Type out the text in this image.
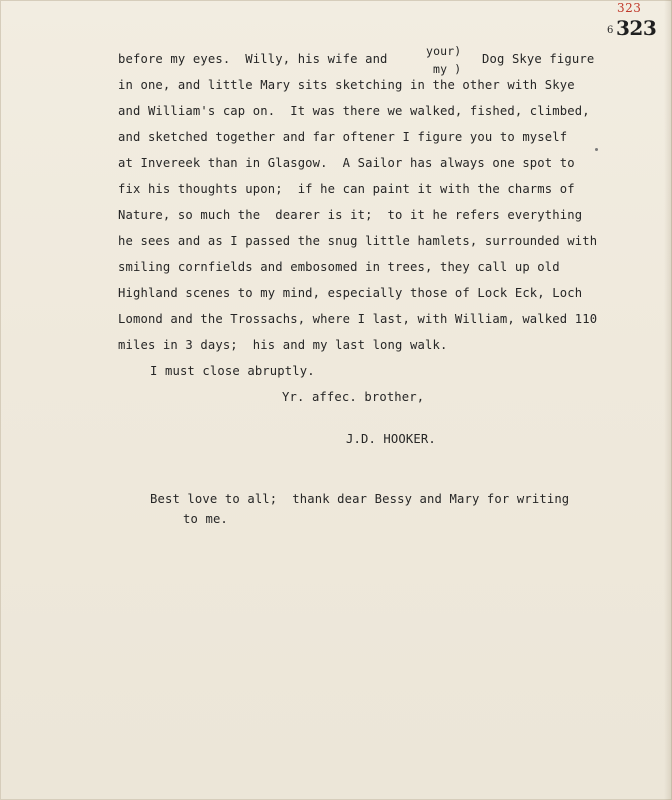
323
6 323
before my eyes.  Willy, his wife and
your)
Dog Skye figure
my )
in one, and little Mary sits sketching in the other with Skye
and William's cap on.  It was there we walked, fished, climbed,
and sketched together and far oftener I figure you to myself
at Invereek than in Glasgow.  A Sailor has always one spot to
fix his thoughts upon;  if he can paint it with the charms of
Nature, so much the  dearer is it;  to it he refers everything
he sees and as I passed the snug little hamlets, surrounded with
smiling cornfields and embosomed in trees, they call up old
Highland scenes to my mind, especially those of Lock Eck, Loch
Lomond and the Trossachs, where I last, with William, walked 110
miles in 3 days;  his and my last long walk.
I must close abruptly.
Yr. affec. brother,
J.D. HOOKER.
Best love to all;  thank dear Bessy and Mary for writing
to me.
